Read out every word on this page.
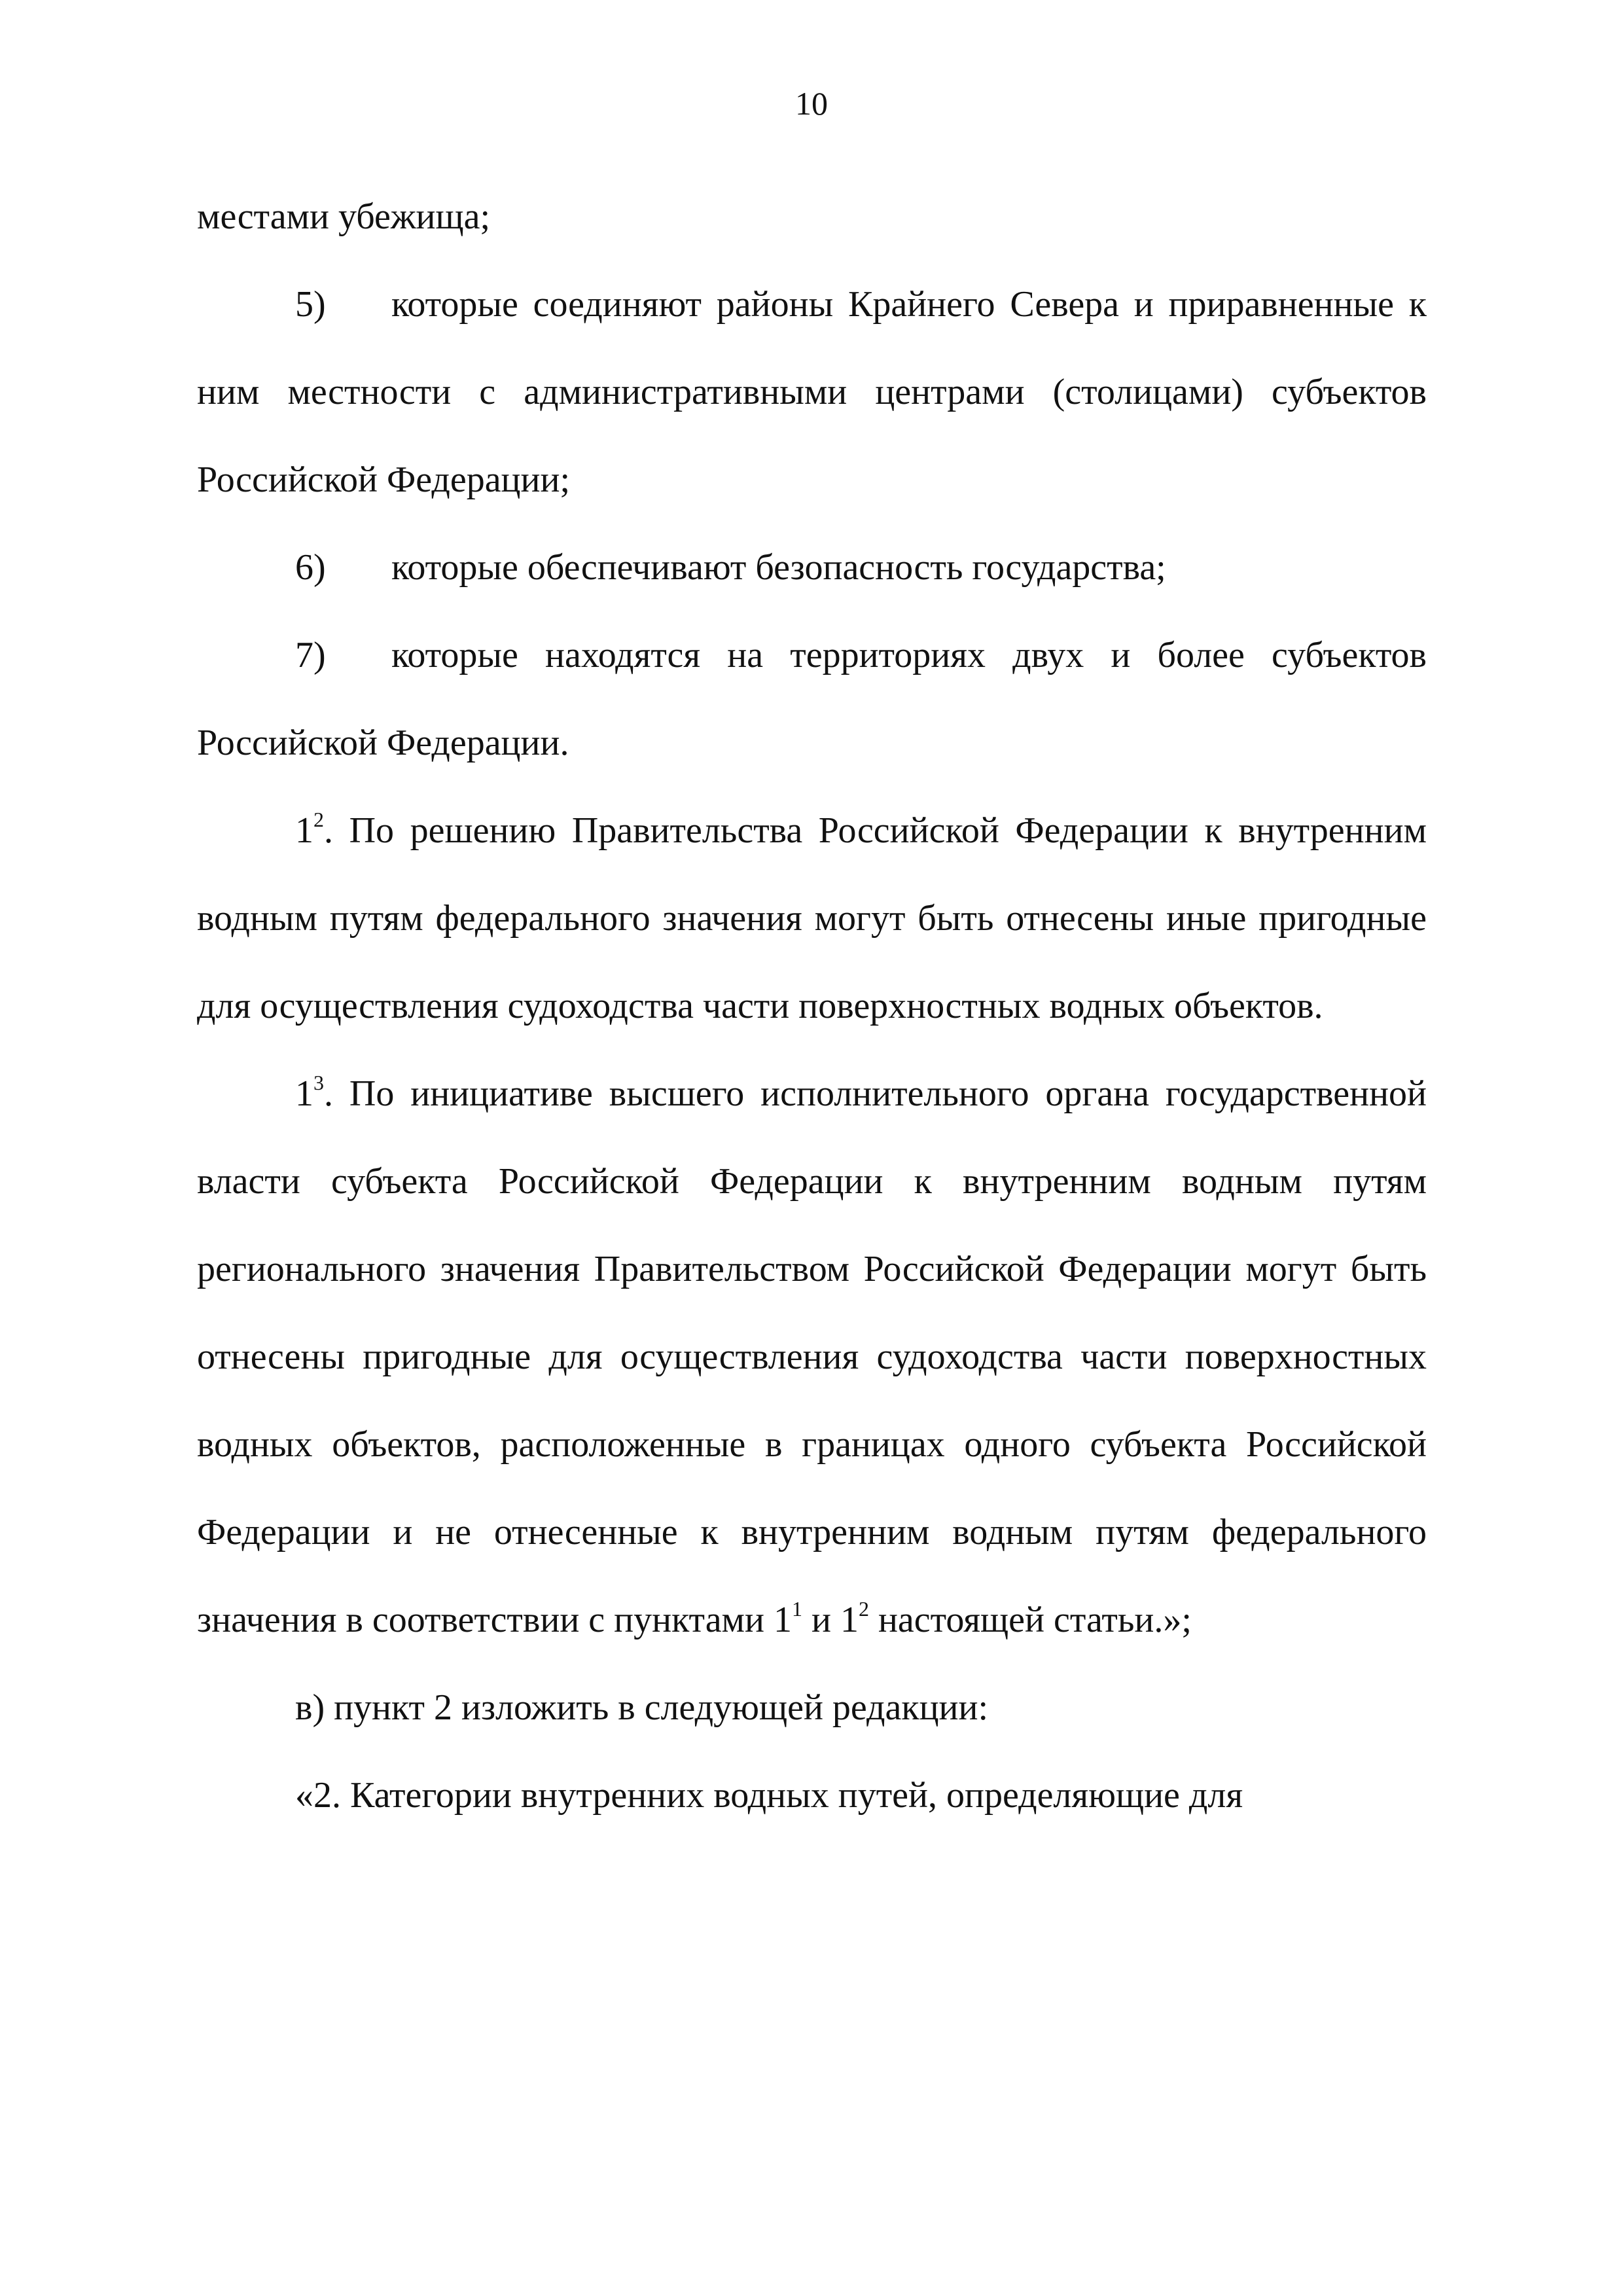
10

местами убежища;

5) которые соединяют районы Крайнего Севера и приравненные к ним местности с административными центрами (столицами) субъектов Российской Федерации;

6) которые обеспечивают безопасность государства;

7) которые находятся на территориях двух и более субъектов Российской Федерации.

$1^2$. По решению Правительства Российской Федерации к внутренним водным путям федерального значения могут быть отнесены иные пригодные для осуществления судоходства части поверхностных водных объектов.

$1^3$. По инициативе высшего исполнительного органа государственной власти субъекта Российской Федерации к внутренним водным путям регионального значения Правительством Российской Федерации могут быть отнесены пригодные для осуществления судоходства части поверхностных водных объектов, расположенные в границах одного субъекта Российской Федерации и не отнесенные к внутренним водным путям федерального значения в соответствии с пунктами $1^1$ и $1^2$ настоящей статьи.»;

в) пункт 2 изложить в следующей редакции:

«2. Категории внутренних водных путей, определяющие для
